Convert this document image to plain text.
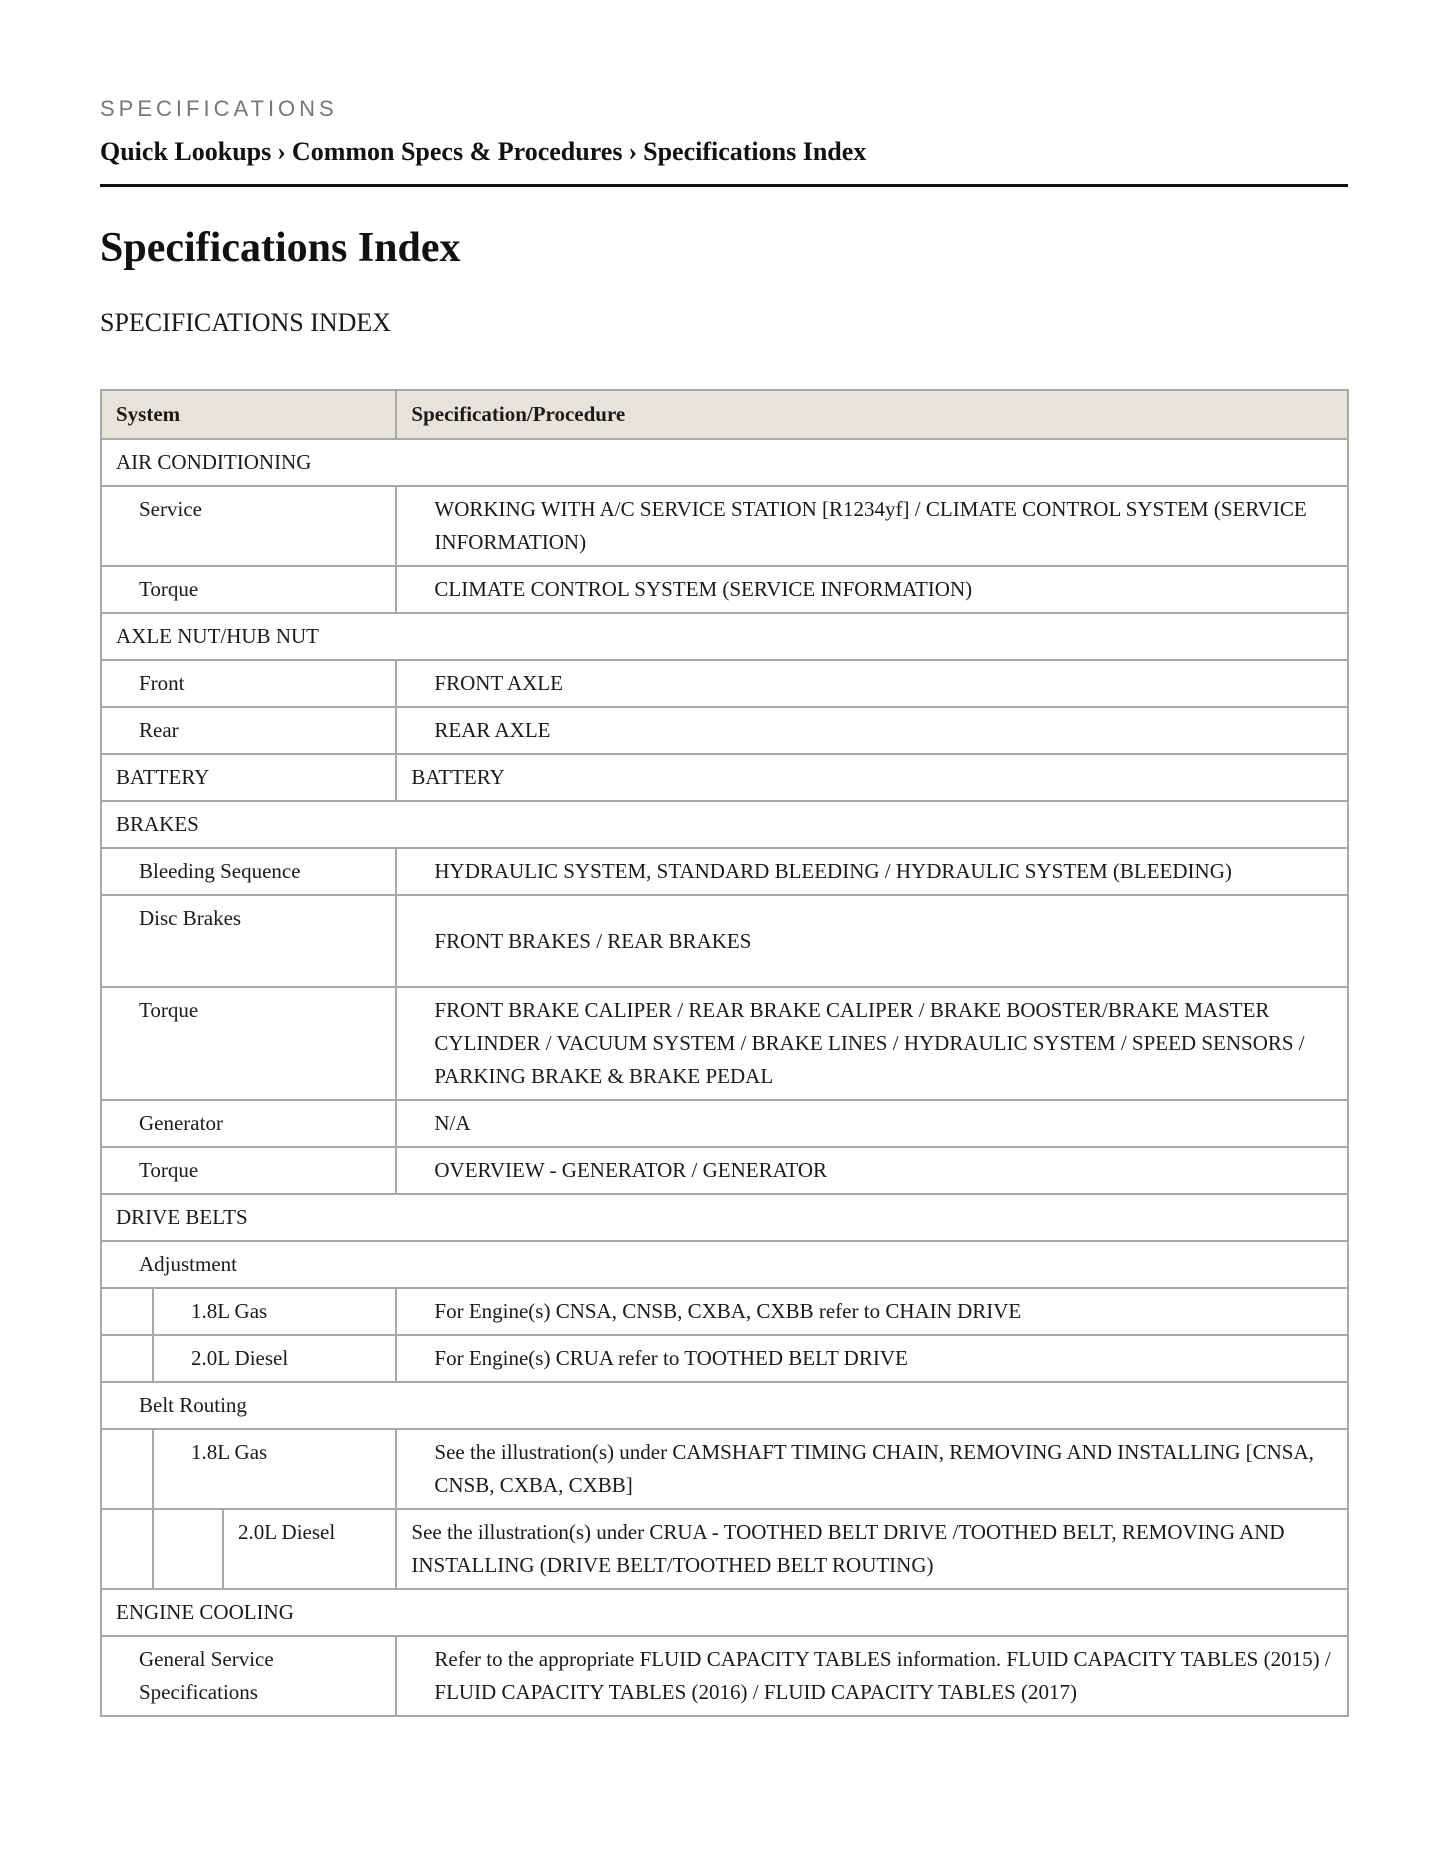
SPECIFICATIONS
Quick Lookups › Common Specs & Procedures › Specifications Index
Specifications Index
SPECIFICATIONS INDEX
System			Specification/Procedure
AIR CONDITIONING			
Service			WORKING WITH A/C SERVICE STATION [R1234yf] / CLIMATE CONTROL SYSTEM (SERVICE INFORMATION)
Torque			CLIMATE CONTROL SYSTEM (SERVICE INFORMATION)
AXLE NUT/HUB NUT			
Front			FRONT AXLE
Rear			REAR AXLE
BATTERY			BATTERY
BRAKES			
Bleeding Sequence			HYDRAULIC SYSTEM, STANDARD BLEEDING / HYDRAULIC SYSTEM (BLEEDING)
Disc Brakes			FRONT BRAKES / REAR BRAKES
Torque			FRONT BRAKE CALIPER / REAR BRAKE CALIPER / BRAKE BOOSTER/BRAKE MASTER CYLINDER / VACUUM SYSTEM / BRAKE LINES / HYDRAULIC SYSTEM / SPEED SENSORS / PARKING BRAKE & BRAKE PEDAL
Generator			N/A
Torque			OVERVIEW - GENERATOR / GENERATOR
DRIVE BELTS			
Adjustment			
	1.8L Gas		For Engine(s) CNSA, CNSB, CXBA, CXBB refer to CHAIN DRIVE
	2.0L Diesel		For Engine(s) CRUA refer to TOOTHED BELT DRIVE
Belt Routing			
	1.8L Gas		See the illustration(s) under CAMSHAFT TIMING CHAIN, REMOVING AND INSTALLING [CNSA, CNSB, CXBA, CXBB]
		2.0L Diesel	See the illustration(s) under CRUA - TOOTHED BELT DRIVE /TOOTHED BELT, REMOVING AND INSTALLING (DRIVE BELT/TOOTHED BELT ROUTING)
ENGINE COOLING			
General Service Specifications			Refer to the appropriate FLUID CAPACITY TABLES information. FLUID CAPACITY TABLES (2015) / FLUID CAPACITY TABLES (2016) / FLUID CAPACITY TABLES (2017)
